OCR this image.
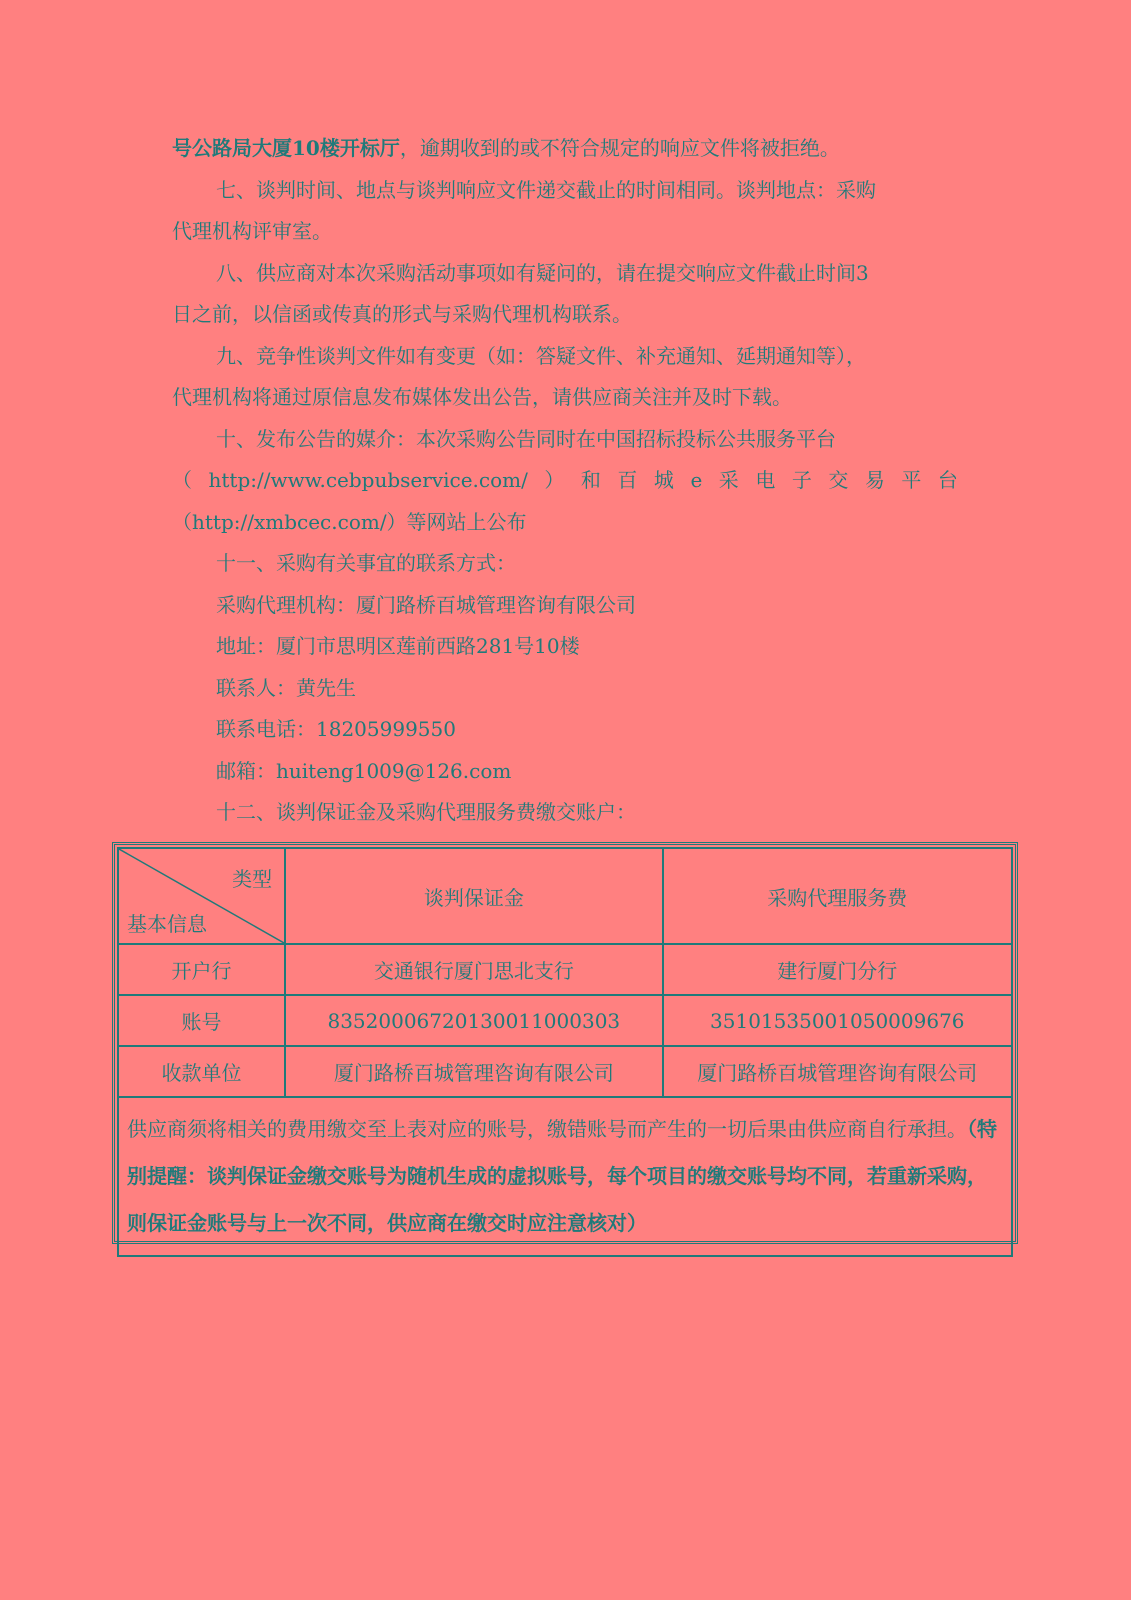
号公路局大厦10楼开标厅，逾期收到的或不符合规定的响应文件将被拒绝。
七、谈判时间、地点与谈判响应文件递交截止的时间相同。谈判地点：采购
代理机构评审室。
八、供应商对本次采购活动事项如有疑问的，请在提交响应文件截止时间3
日之前，以信函或传真的形式与采购代理机构联系。
九、竞争性谈判文件如有变更（如：答疑文件、补充通知、延期通知等），
代理机构将通过原信息发布媒体发出公告，请供应商关注并及时下载。
十、发布公告的媒介：本次采购公告同时在中国招标投标公共服务平台
（ http://www.cebpubservice.com/ ） 和 百 城 e 采 电 子 交 易 平 台
（http://xmbcec.com/）等网站上公布
十一、采购有关事宜的联系方式：
采购代理机构：厦门路桥百城管理咨询有限公司
地址：厦门市思明区莲前西路281号10楼
联系人：黄先生
联系电话：18205999550
邮箱：huiteng1009@126.com
十二、谈判保证金及采购代理服务费缴交账户：
类型
基本信息	谈判保证金	采购代理服务费
开户行	交通银行厦门思北支行	建行厦门分行
账号	83520006720130011000303	35101535001050009676
收款单位	厦门路桥百城管理咨询有限公司	厦门路桥百城管理咨询有限公司
供应商须将相关的费用缴交至上表对应的账号，缴错账号而产生的一切后果由供应商自行承担。（特别提醒：谈判保证金缴交账号为随机生成的虚拟账号，每个项目的缴交账号均不同，若重新采购，则保证金账号与上一次不同，供应商在缴交时应注意核对）		
